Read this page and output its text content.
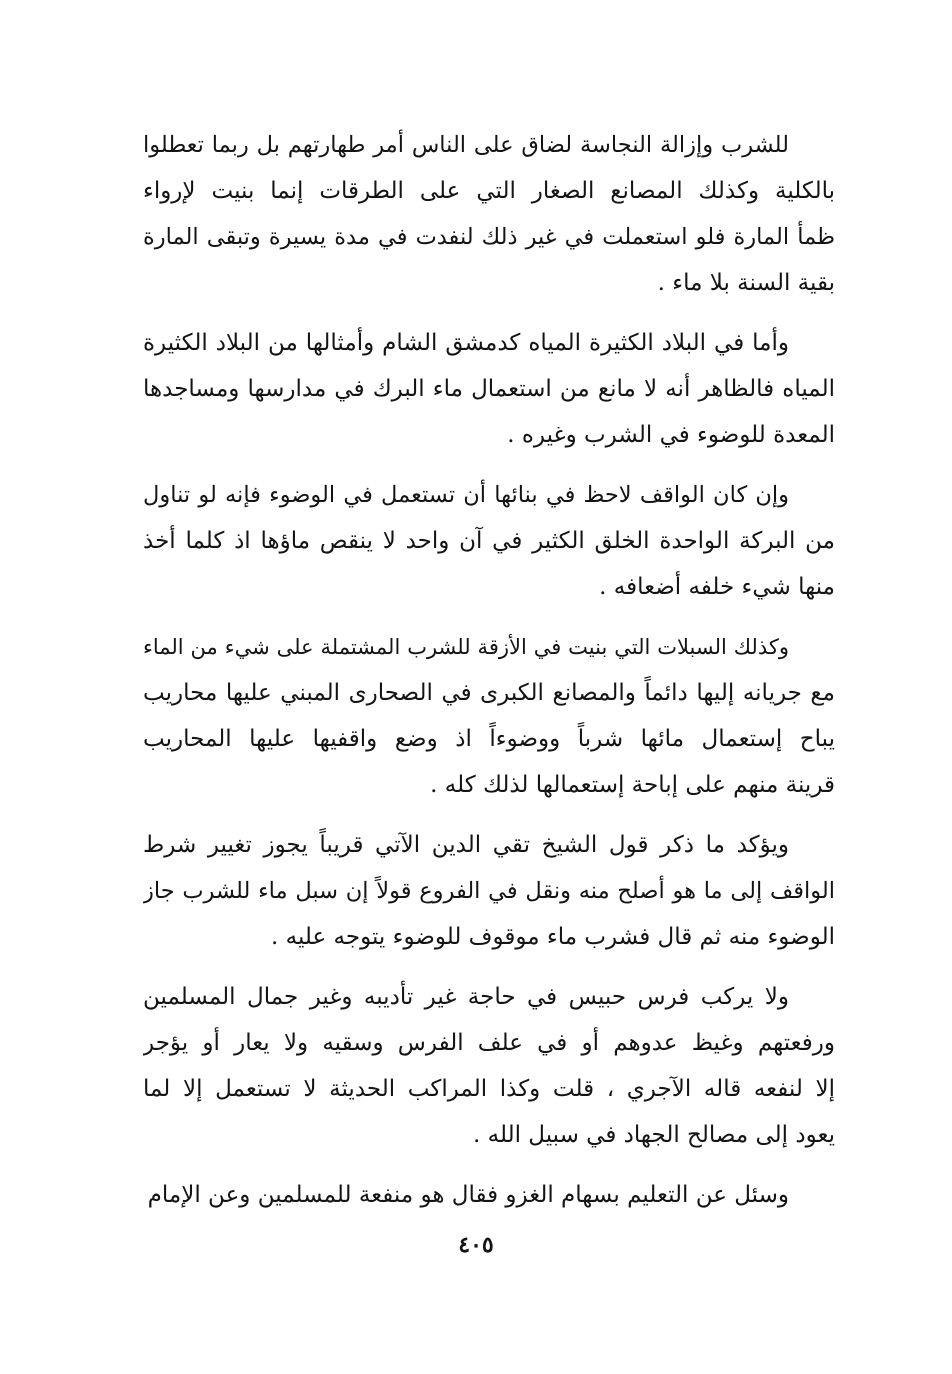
للشرب وإزالة النجاسة لضاق على الناس أمر طهارتهم بل ربما تعطلوا
بالكلية وكذلك المصانع الصغار التي على الطرقات إنما بنيت لإرواء
ظمأ المارة فلو استعملت في غير ذلك لنفدت في مدة يسيرة وتبقى المارة
بقية السنة بلا ماء .
وأما في البلاد الكثيرة المياه كدمشق الشام وأمثالها من البلاد الكثيرة
المياه فالظاهر أنه لا مانع من استعمال ماء البرك في مدارسها ومساجدها
المعدة للوضوء في الشرب وغيره .
وإن كان الواقف لاحظ في بنائها أن تستعمل في الوضوء فإنه لو تناول
من البركة الواحدة الخلق الكثير في آن واحد لا ينقص ماؤها اذ كلما أخذ
منها شيء خلفه أضعافه .
وكذلك السبلات التي بنيت في الأزقة للشرب المشتملة على شيء من الماء
مع جريانه إليها دائماً والمصانع الكبرى في الصحارى المبني عليها محاريب
يباح إستعمال مائها شرباً ووضوءاً اذ وضع واقفيها عليها المحاريب
قرينة منهم على إباحة إستعمالها لذلك كله .
ويؤكد ما ذكر قول الشيخ تقي الدين الآتي قريباً يجوز تغيير شرط
الواقف إلى ما هو أصلح منه ونقل في الفروع قولاً إن سبل ماء للشرب جاز
الوضوء منه ثم قال فشرب ماء موقوف للوضوء يتوجه عليه .
ولا يركب فرس حبيس في حاجة غير تأديبه وغير جمال المسلمين
ورفعتهم وغيظ عدوهم أو في علف الفرس وسقيه ولا يعار أو يؤجر
إلا لنفعه قاله الآجري ، قلت وكذا المراكب الحديثة لا تستعمل إلا لما
يعود إلى مصالح الجهاد في سبيل الله .
وسئل عن التعليم بسهام الغزو فقال هو منفعة للمسلمين وعن الإمام
٤٠٥
